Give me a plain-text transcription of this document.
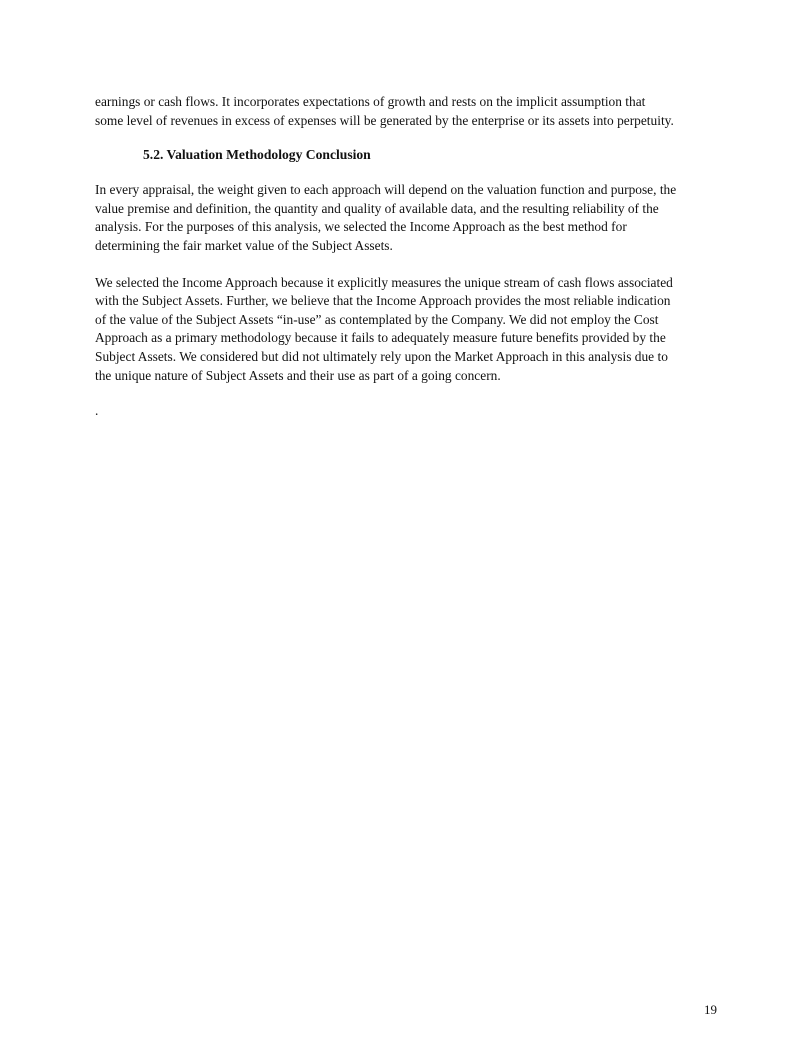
earnings or cash flows. It incorporates expectations of growth and rests on the implicit assumption that
some level of revenues in excess of expenses will be generated by the enterprise or its assets into perpetuity.

5.2. Valuation Methodology Conclusion

In every appraisal, the weight given to each approach will depend on the valuation function and purpose, the
value premise and definition, the quantity and quality of available data, and the resulting reliability of the
analysis. For the purposes of this analysis, we selected the Income Approach as the best method for
determining the fair market value of the Subject Assets.

We selected the Income Approach because it explicitly measures the unique stream of cash flows associated
with the Subject Assets. Further, we believe that the Income Approach provides the most reliable indication
of the value of the Subject Assets “in-use” as contemplated by the Company. We did not employ the Cost
Approach as a primary methodology because it fails to adequately measure future benefits provided by the
Subject Assets. We considered but did not ultimately rely upon the Market Approach in this analysis due to
the unique nature of Subject Assets and their use as part of a going concern.

.

19
